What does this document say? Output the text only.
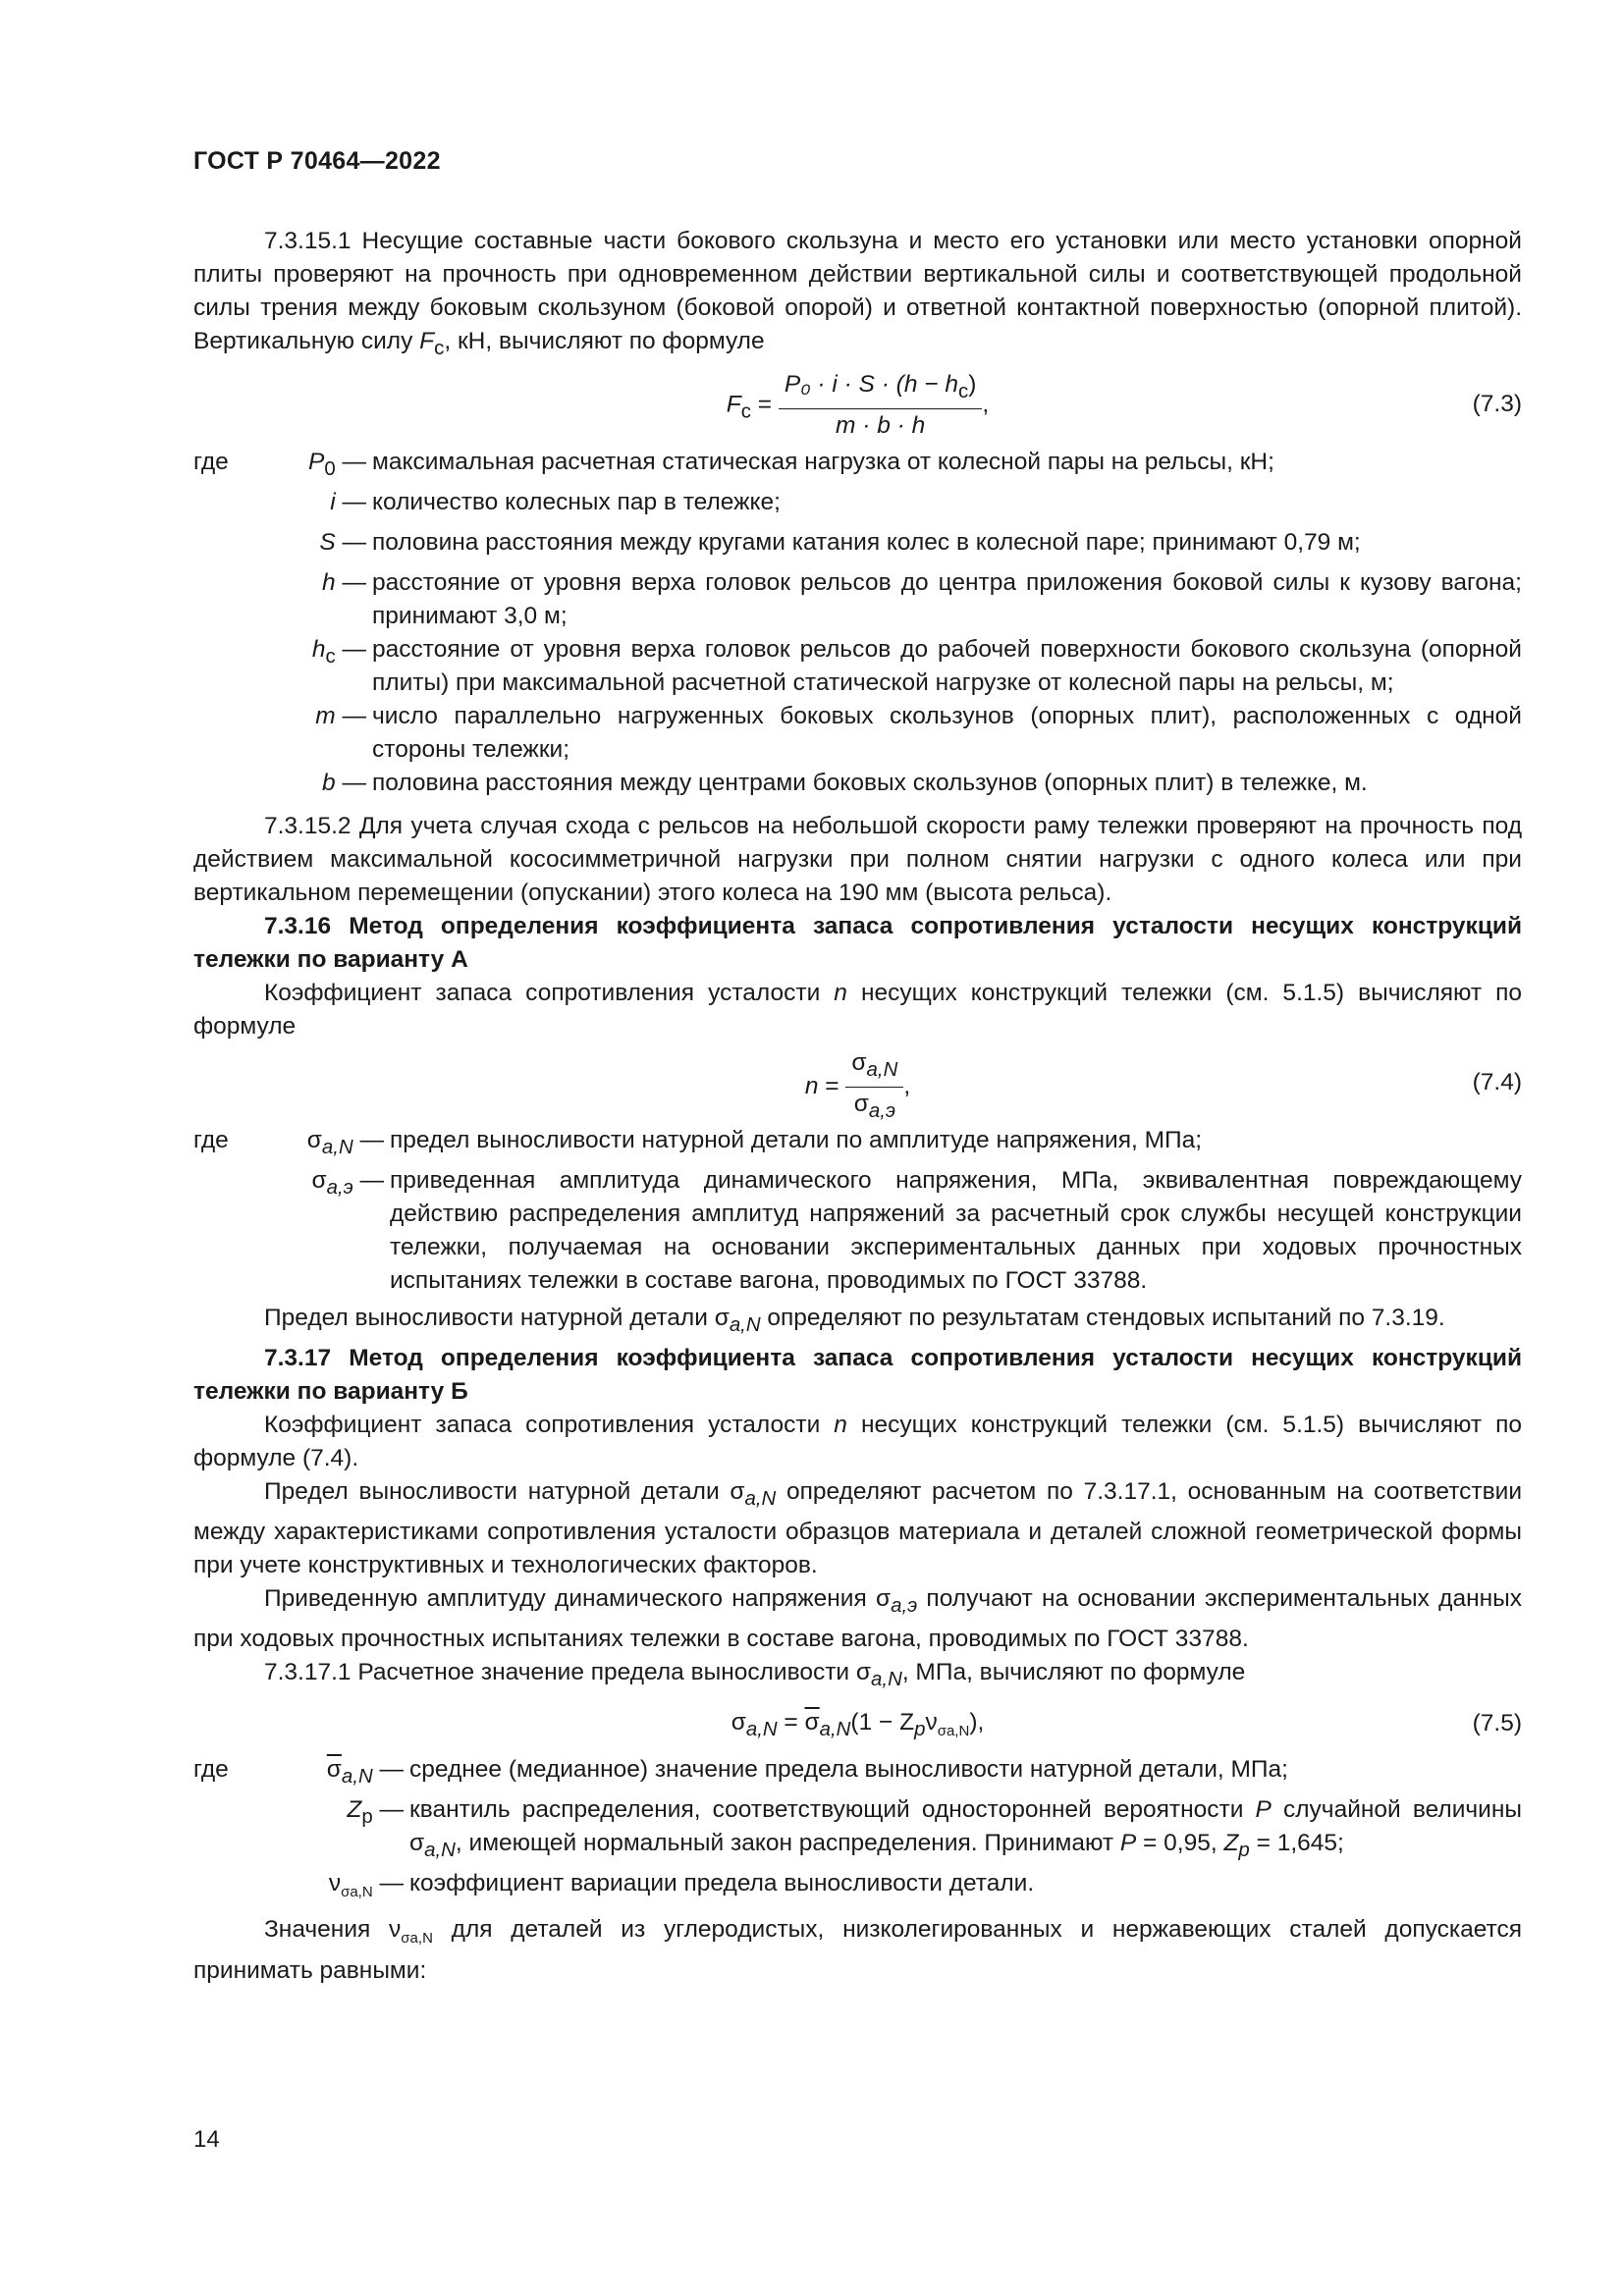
ГОСТ Р 70464—2022

7.3.15.1 Несущие составные части бокового скользуна и место его установки или место установки опорной плиты проверяют на прочность при одновременном действии вертикальной силы и соответствующей продольной силы трения между боковым скользуном (боковой опорой) и ответной контактной поверхностью (опорной плитой). Вертикальную силу $F_c$, кН, вычисляют по формуле

$F_c = \frac{P_0 \cdot i \cdot S \cdot (h - h_c)}{m \cdot b \cdot h}$ ,	(7.3)
где	$P_0$ — максимальная расчетная статическая нагрузка от колесной пары на рельсы, кН;
i — количество колесных пар в тележке;
S — половина расстояния между кругами катания колес в колесной паре; принимают 0,79 м;
h — расстояние от уровня верха головок рельсов до центра приложения боковой силы к кузову вагона; принимают 3,0 м;
$h_c$ — расстояние от уровня верха головок рельсов до рабочей поверхности бокового скользуна (опорной плиты) при максимальной расчетной статической нагрузке от колесной пары на рельсы, м;
m — число параллельно нагруженных боковых скользунов (опорных плит), расположенных с одной стороны тележки;
b — половина расстояния между центрами боковых скользунов (опорных плит) в тележке, м.

7.3.15.2 Для учета случая схода с рельсов на небольшой скорости раму тележки проверяют на прочность под действием максимальной кососимметричной нагрузки при полном снятии нагрузки с одного колеса или при вертикальном перемещении (опускании) этого колеса на 190 мм (высота рельса).

7.3.16 Метод определения коэффициента запаса сопротивления усталости несущих конструкций тележки по варианту А

Коэффициент запаса сопротивления усталости n несущих конструкций тележки (см. 5.1.5) вычисляют по формуле

$n = \frac{\sigma_{a,N}}{\sigma_{a,э}}$ ,	(7.4)
где	$\sigma_{a,N}$ — предел выносливости натурной детали по амплитуде напряжения, МПа;
$\sigma_{a,э}$ — приведенная амплитуда динамического напряжения, МПа, эквивалентная повреждающему действию распределения амплитуд напряжений за расчетный срок службы несущей конструкции тележки, получаемая на основании экспериментальных данных при ходовых прочностных испытаниях тележки в составе вагона, проводимых по ГОСТ 33788.

Предел выносливости натурной детали $\sigma_{a,N}$ определяют по результатам стендовых испытаний по 7.3.19.

7.3.17 Метод определения коэффициента запаса сопротивления усталости несущих конструкций тележки по варианту Б

Коэффициент запаса сопротивления усталости n несущих конструкций тележки (см. 5.1.5) вычисляют по формуле (7.4).

Предел выносливости натурной детали $\sigma_{a,N}$ определяют расчетом по 7.3.17.1, основанным на соответствии между характеристиками сопротивления усталости образцов материала и деталей сложной геометрической формы при учете конструктивных и технологических факторов.

Приведенную амплитуду динамического напряжения $\sigma_{a,э}$ получают на основании экспериментальных данных при ходовых прочностных испытаниях тележки в составе вагона, проводимых по ГОСТ 33788.

7.3.17.1 Расчетное значение предела выносливости $\sigma_{a,N}$, МПа, вычисляют по формуле

$\sigma_{a,N} = \overline{\sigma}_{a,N}(1 - Z_p\nu_{\sigma a,N})$,	(7.5)
где	$\overline{\sigma}_{a,N}$ — среднее (медианное) значение предела выносливости натурной детали, МПа;
$Z_p$ — квантиль распределения, соответствующий односторонней вероятности P случайной величины $\sigma_{a,N}$, имеющей нормальный закон распределения. Принимают P = 0,95, $Z_p = 1,645$;
$\nu_{\sigma a,N}$ — коэффициент вариации предела выносливости детали.

Значения $\nu_{\sigma a,N}$ для деталей из углеродистых, низколегированных и нержавеющих сталей допускается принимать равными:

14
